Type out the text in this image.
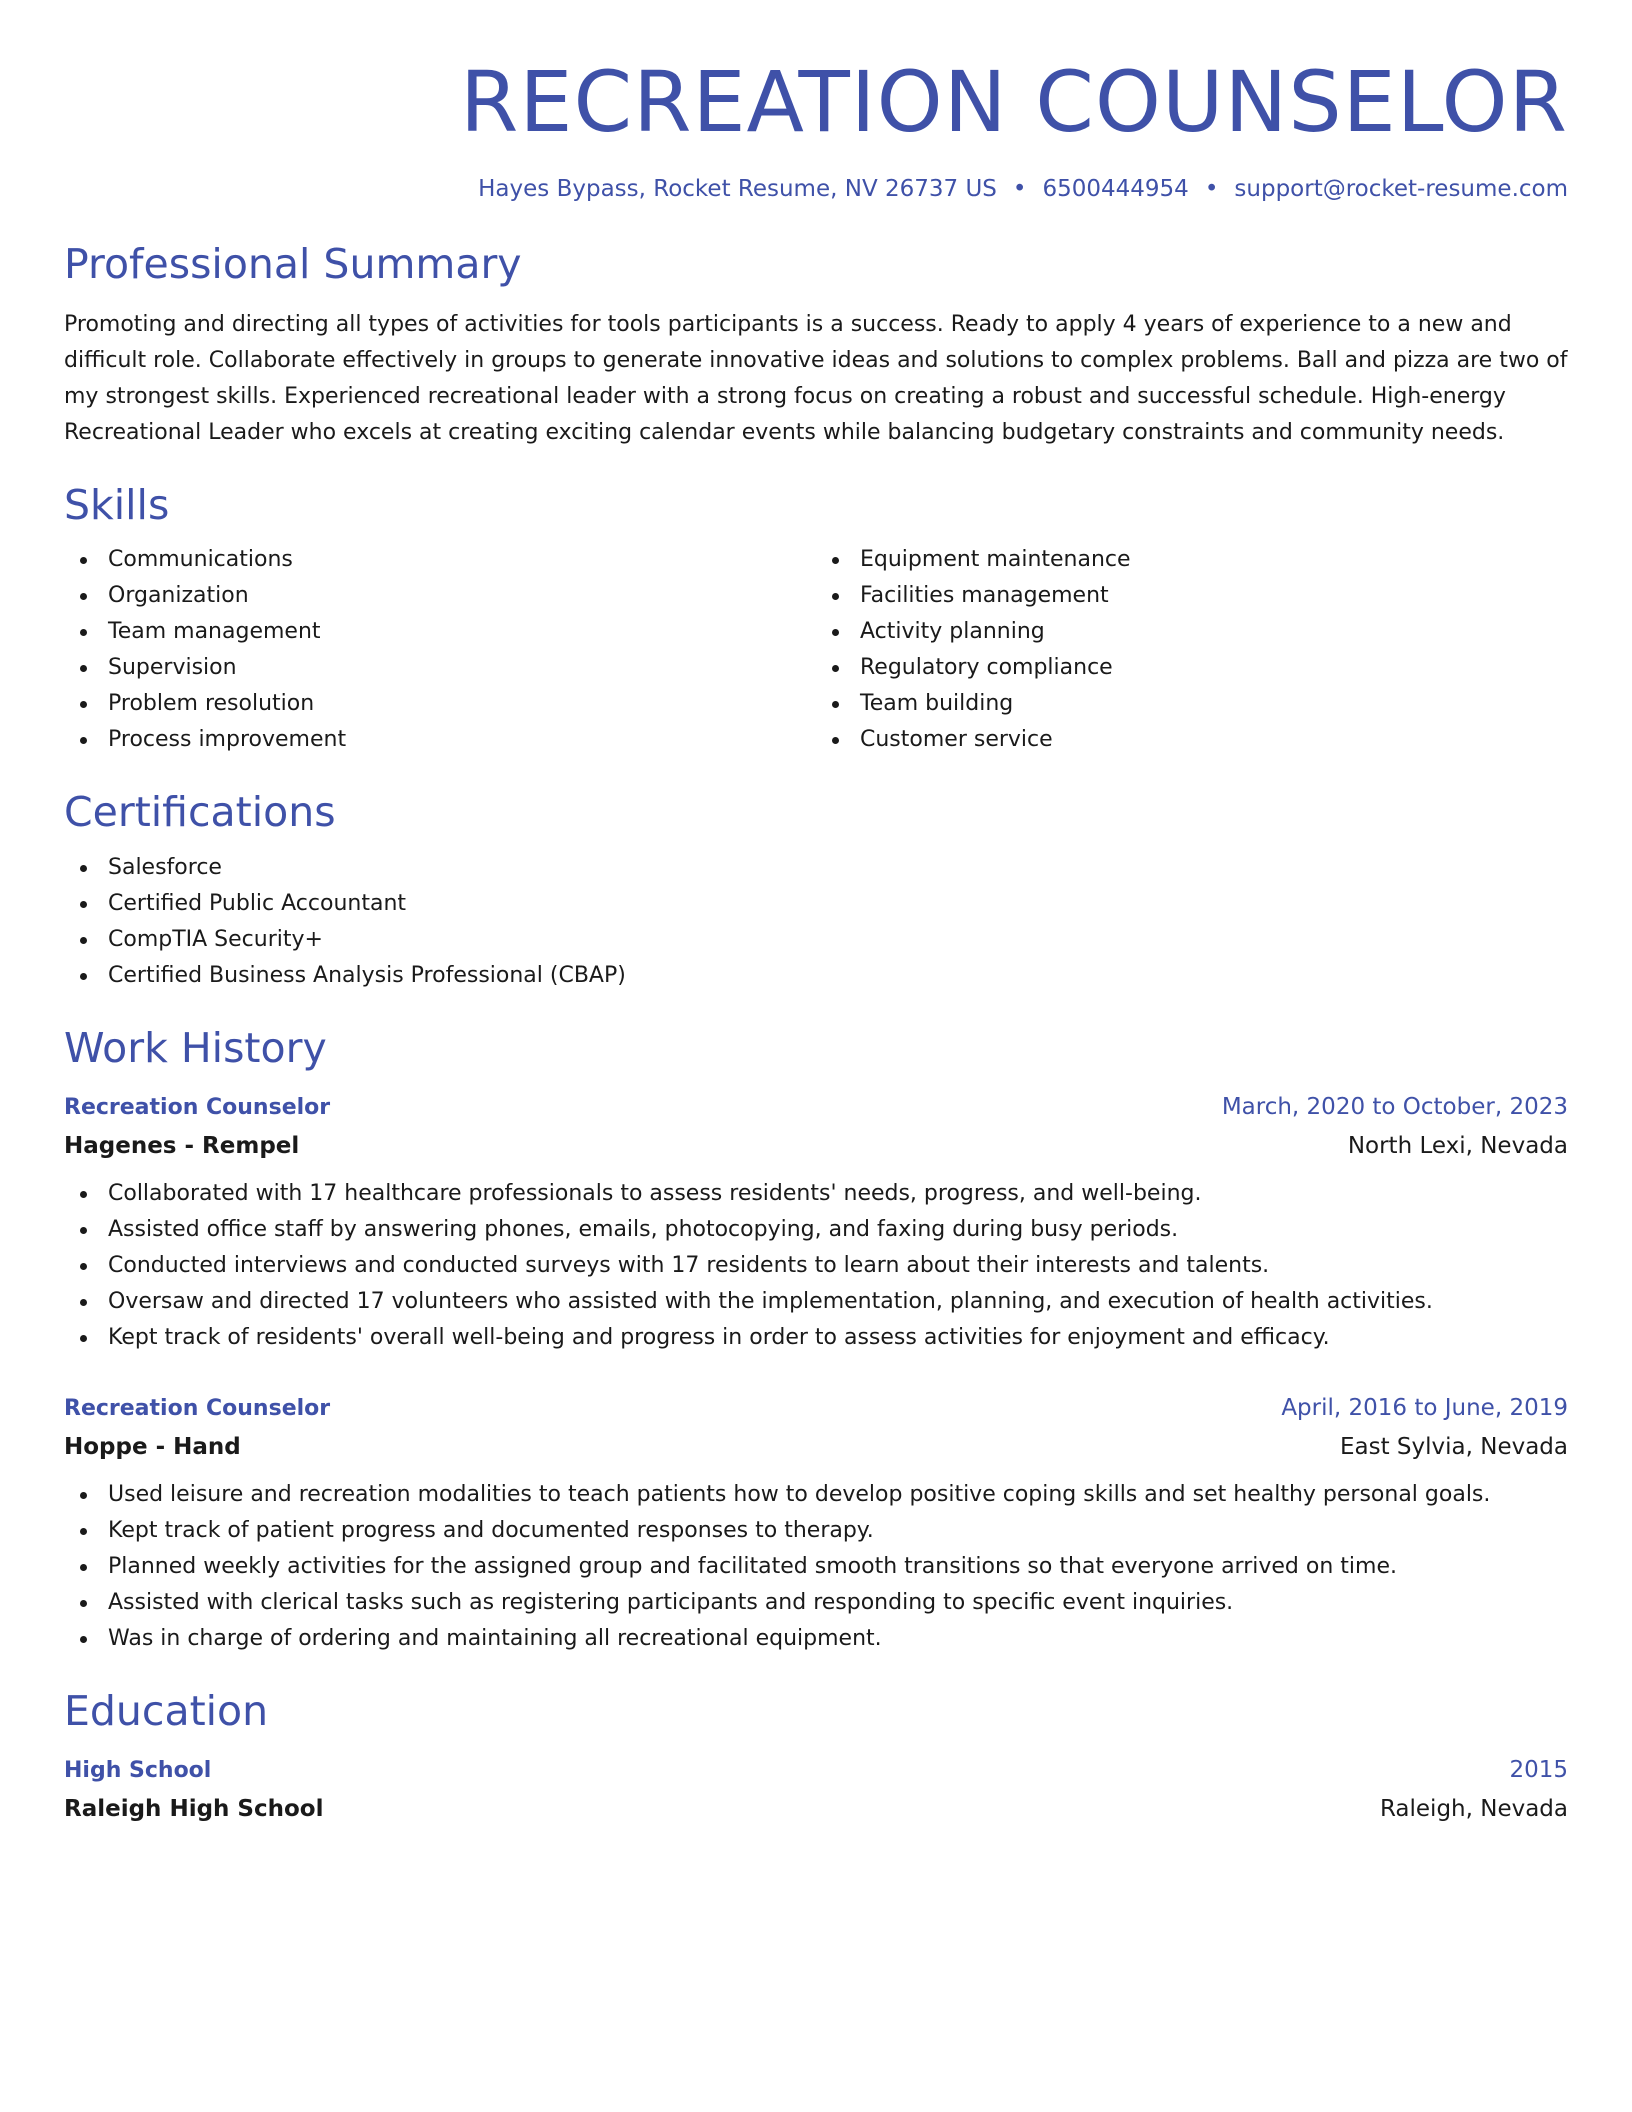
RECREATION COUNSELOR
Hayes Bypass, Rocket Resume, NV 26737 US • 6500444954 • support@rocket-resume.com
Professional Summary

Promoting and directing all types of activities for tools participants is a success. Ready to apply 4 years of experience to a new and difficult role. Collaborate effectively in groups to generate innovative ideas and solutions to complex problems. Ball and pizza are two of my strongest skills. Experienced recreational leader with a strong focus on creating a robust and successful schedule. High-energy Recreational Leader who excels at creating exciting calendar events while balancing budgetary constraints and community needs.

Skills
Communications
Organization
Team management
Supervision
Problem resolution
Process improvement
Equipment maintenance
Facilities management
Activity planning
Regulatory compliance
Team building
Customer service
Certifications
Salesforce
Certified Public Accountant
CompTIA Security+
Certified Business Analysis Professional (CBAP)
Work History
Recreation Counselor	March, 2020 to October, 2023
Hagenes - Rempel	North Lexi, Nevada
Collaborated with 17 healthcare professionals to assess residents' needs, progress, and well-being.
Assisted office staff by answering phones, emails, photocopying, and faxing during busy periods.
Conducted interviews and conducted surveys with 17 residents to learn about their interests and talents.
Oversaw and directed 17 volunteers who assisted with the implementation, planning, and execution of health activities.
Kept track of residents' overall well-being and progress in order to assess activities for enjoyment and efficacy.
Recreation Counselor	April, 2016 to June, 2019
Hoppe - Hand	East Sylvia, Nevada
Used leisure and recreation modalities to teach patients how to develop positive coping skills and set healthy personal goals.
Kept track of patient progress and documented responses to therapy.
Planned weekly activities for the assigned group and facilitated smooth transitions so that everyone arrived on time.
Assisted with clerical tasks such as registering participants and responding to specific event inquiries.
Was in charge of ordering and maintaining all recreational equipment.
Education
High School	2015
Raleigh High School	Raleigh, Nevada
